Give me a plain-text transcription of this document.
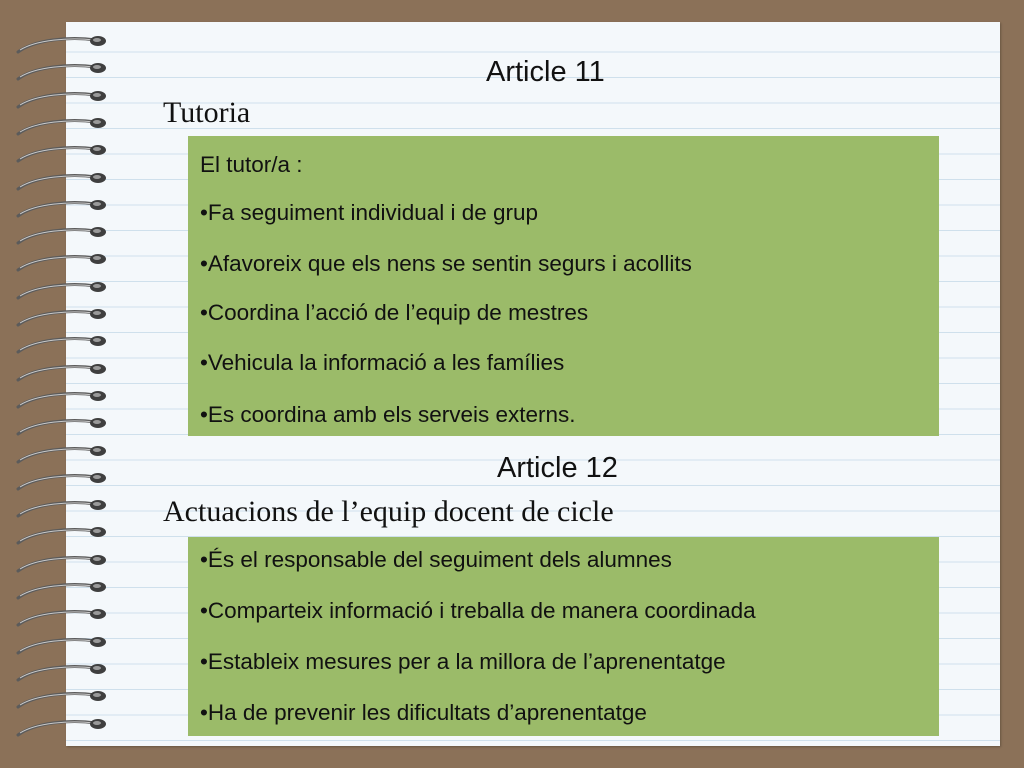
Article 11
Tutoria
El tutor/a :
•Fa seguiment individual i de grup
•Afavoreix que els nens se sentin segurs i acollits
•Coordina l’acció de l’equip de mestres
•Vehicula la informació a les famílies
•Es coordina amb els serveis externs.
Article 12
Actuacions de l’equip docent de cicle
•És el responsable del seguiment dels alumnes
•Comparteix informació i treballa de manera coordinada
•Estableix mesures per a la millora de l’aprenentatge
•Ha de prevenir les dificultats d’aprenentatge
